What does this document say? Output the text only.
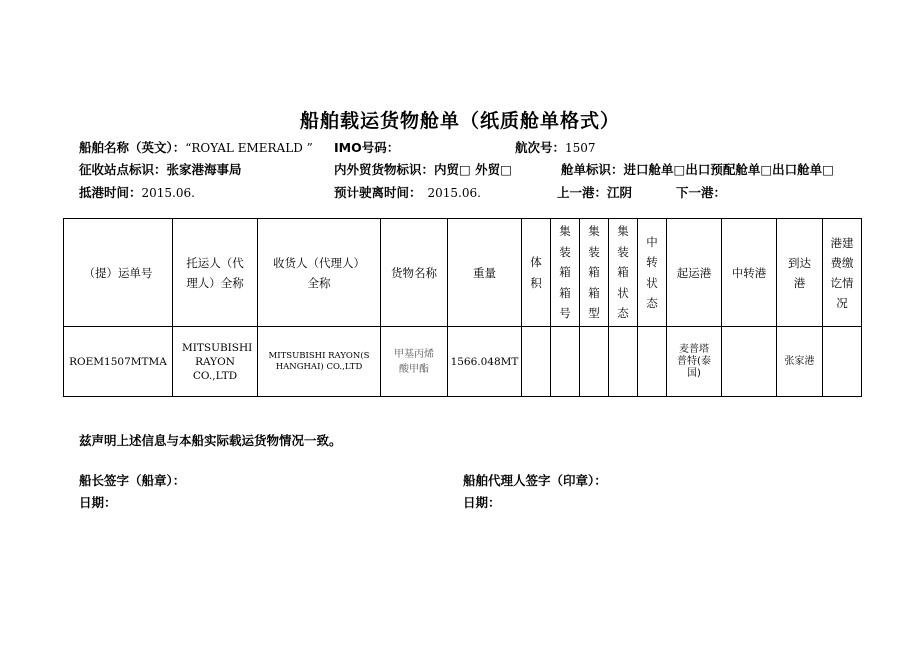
船舶载运货物舱单（纸质舱单格式）
船舶名称（英文）：“ROYAL EMERALD ” IMO号码：	航次号：1507
征收站点标识：张家港海事局	内外贸货物标识：内贸□ 外贸□	舱单标识：进口舱单□出口预配舱单□出口舱单□
抵港时间：2015.06.	预计驶离时间： 2015.06.	上一港：江阴	下一港：
（提）运单号	托运人（代理人）全称	收货人（代理人）全称	货物名称	重量	体积	集装箱箱号	集装箱箱型	集装箱状态	中转状态	起运港	中转港	到达港	港建费缴讫情况

ROEM1507MTMA	MITSUBISHI RAYON CO.,LTD	MITSUBISHI RAYON(SHANGHAI) CO.,LTD	甲基丙烯酸甲酯	1566.048MT						麦普塔普特(泰国)		张家港	
兹声明上述信息与本船实际载运货物情况一致。
船长签字（船章）：	船舶代理人签字（印章）：
日期：	日期：
